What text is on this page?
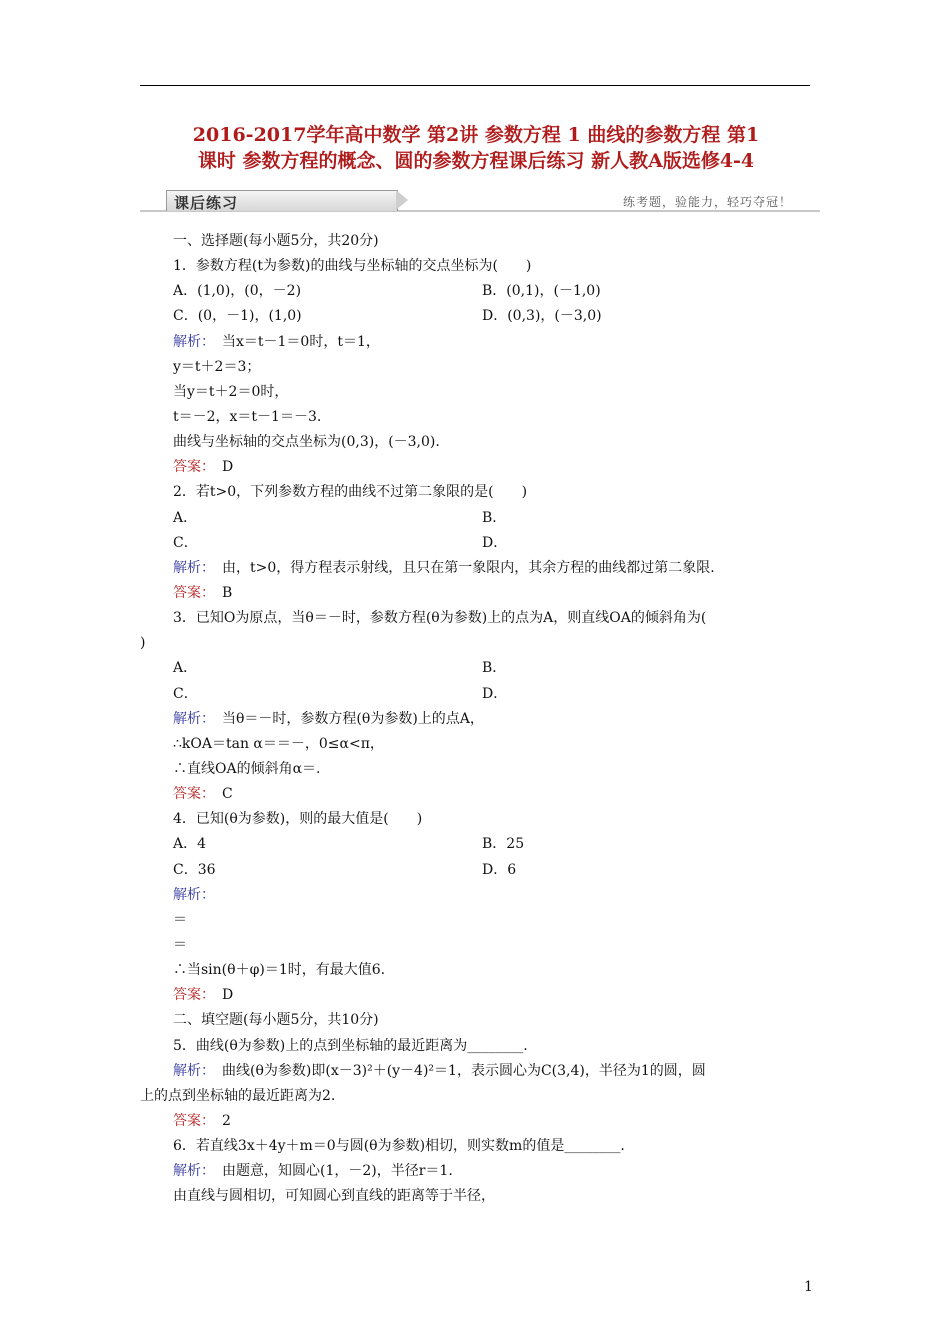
2016-2017学年高中数学 第2讲 参数方程 1 曲线的参数方程 第1
课时 参数方程的概念、圆的参数方程课后练习 新人教A版选修4-4
课后练习	练考题，验能力，轻巧夺冠！
一、选择题(每小题5分，共20分)
1．参数方程(t为参数)的曲线与坐标轴的交点坐标为(　　)
A．(1,0)，(0，－2)	B．(0,1)，(－1,0)
C．(0，－1)，(1,0)	D．(0,3)，(－3,0)
解析：　当x＝t－1＝0时，t＝1，
y＝t＋2＝3；
当y＝t＋2＝0时，
t＝－2，x＝t－1＝－3.
曲线与坐标轴的交点坐标为(0,3)，(－3,0).
答案：　D
2．若t>0，下列参数方程的曲线不过第二象限的是(　　)
A．	B．
C．	D．
解析：　由，t>0，得方程表示射线，且只在第一象限内，其余方程的曲线都过第二象限.
答案：　B
3．已知O为原点，当θ＝－时，参数方程(θ为参数)上的点为A，则直线OA的倾斜角为(
)
A．	B．
C．	D．
解析：　当θ＝－时，参数方程(θ为参数)上的点A，
∴kOA＝tan α＝＝－，0≤α<π，
∴直线OA的倾斜角α＝.
答案：　C
4．已知(θ为参数)，则的最大值是(　　)
A．4	B．25
C．36	D．6
解析：
＝
＝
∴当sin(θ＋φ)＝1时，有最大值6.
答案：　D
二、填空题(每小题5分，共10分)
5．曲线(θ为参数)上的点到坐标轴的最近距离为________.
解析：　曲线(θ为参数)即(x－3)²＋(y－4)²＝1，表示圆心为C(3,4)，半径为1的圆，圆
上的点到坐标轴的最近距离为2.
答案：　2
6．若直线3x＋4y＋m＝0与圆(θ为参数)相切，则实数m的值是________.
解析：　由题意，知圆心(1，－2)，半径r＝1.
由直线与圆相切，可知圆心到直线的距离等于半径，
1
